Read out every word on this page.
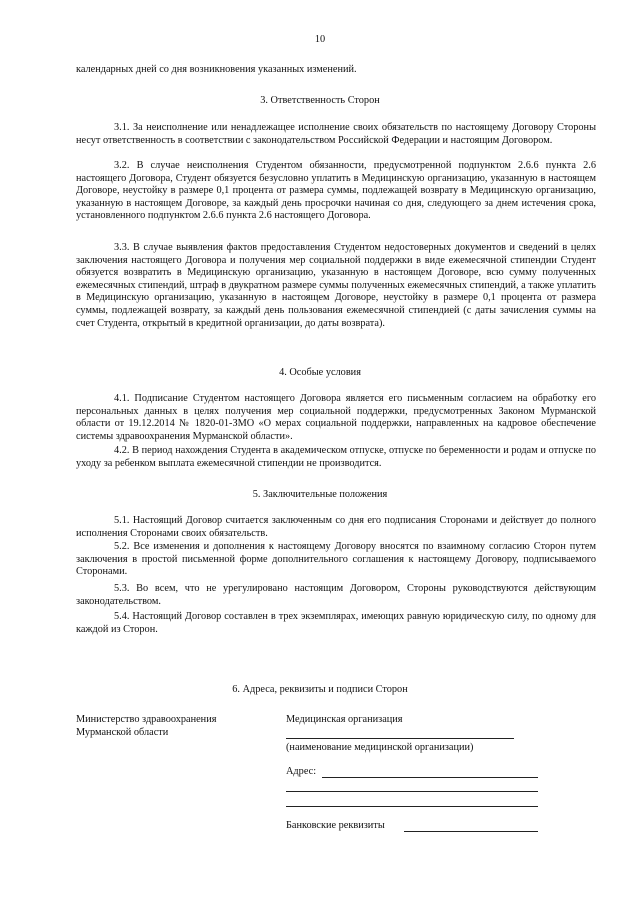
10
календарных дней со дня возникновения указанных изменений.
3. Ответственность Сторон
3.1. За неисполнение или ненадлежащее исполнение своих обязательств по настоящему Договору Стороны несут ответственность в соответствии с законодательством Российской Федерации и настоящим Договором.
3.2. В случае неисполнения Студентом обязанности, предусмотренной подпунктом 2.6.6 пункта 2.6 настоящего Договора, Студент обязуется безусловно уплатить в Медицинскую организацию, указанную в настоящем Договоре, неустойку в размере 0,1 процента от размера суммы, подлежащей возврату в Медицинскую организацию, указанную в настоящем Договоре, за каждый день просрочки начиная со дня, следующего за днем истечения срока, установленного подпунктом 2.6.6 пункта 2.6 настоящего Договора.
3.3. В случае выявления фактов предоставления Студентом недостоверных документов и сведений в целях заключения настоящего Договора и получения мер социальной поддержки в виде ежемесячной стипендии Студент обязуется возвратить в Медицинскую организацию, указанную в настоящем Договоре, всю сумму полученных ежемесячных стипендий, штраф в двукратном размере суммы полученных ежемесячных стипендий, а также уплатить в Медицинскую организацию, указанную в настоящем Договоре, неустойку в размере 0,1 процента от размера суммы, подлежащей возврату, за каждый день пользования ежемесячной стипендией (с даты зачисления суммы на счет Студента, открытый в кредитной организации, до даты возврата).
4. Особые условия
4.1. Подписание Студентом настоящего Договора является его письменным согласием на обработку его персональных данных в целях получения мер социальной поддержки, предусмотренных Законом Мурманской области от 19.12.2014 № 1820-01-ЗМО «О мерах социальной поддержки, направленных на кадровое обеспечение системы здравоохранения Мурманской области».
4.2. В период нахождения Студента в академическом отпуске, отпуске по беременности и родам и отпуске по уходу за ребенком выплата ежемесячной стипендии не производится.
5. Заключительные положения
5.1. Настоящий Договор считается заключенным со дня его подписания Сторонами и действует до полного исполнения Сторонами своих обязательств.
5.2. Все изменения и дополнения к настоящему Договору вносятся по взаимному согласию Сторон путем заключения в простой письменной форме дополнительного соглашения к настоящему Договору, подписываемого Сторонами.
5.3. Во всем, что не урегулировано настоящим Договором, Стороны руководствуются действующим законодательством.
5.4. Настоящий Договор составлен в трех экземплярах, имеющих равную юридическую силу, по одному для каждой из Сторон.
6. Адреса, реквизиты и подписи Сторон
Министерство здравоохранения Мурманской области
Медицинская организация
(наименование медицинской организации)
Адрес:
Банковские реквизиты
